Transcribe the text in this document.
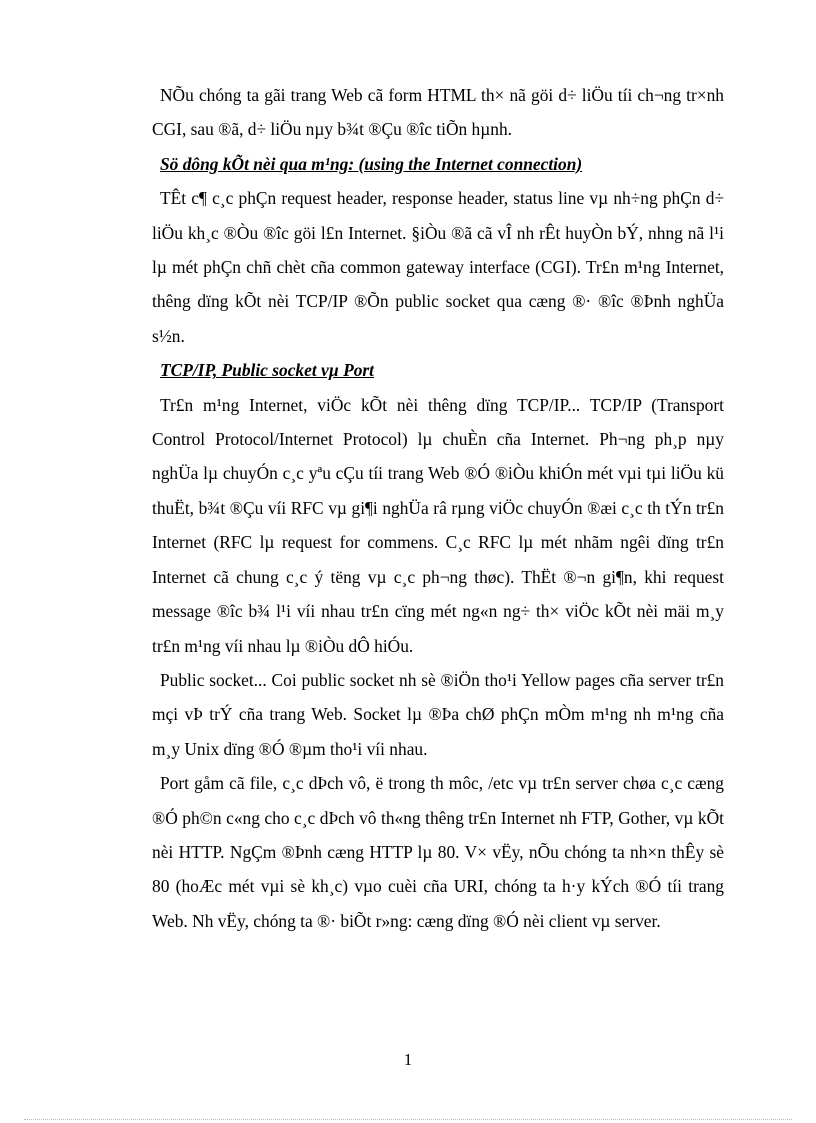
NÕu chóng ta gãi trang Web cã form HTML th× nã göi d÷ liÖu tíi ch¬ng tr×nh CGI, sau ®ã, d÷ liÖu nµy b¾t ®Çu ®îc tiÕn hµnh.

Sö dông kÕt nèi qua m¹ng: (using the Internet connection)

TÊt c¶ c¸c phÇn request header, response header, status line vµ nh÷ng phÇn d÷ liÖu kh¸c ®Òu ®îc göi l£n Internet. §iÒu ®ã cã vÎ nh rÊt huyÒn bÝ, nhng nã l¹i lµ mét phÇn chñ chèt cña common gateway interface (CGI). Tr£n m¹ng Internet, thêng dïng kÕt nèi TCP/IP ®Õn public socket qua cæng ®· ®îc ®Þnh nghÜa s½n.

TCP/IP, Public socket vµ Port

Tr£n m¹ng Internet, viÖc kÕt nèi thêng dïng TCP/IP... TCP/IP (Transport Control Protocol/Internet Protocol) lµ chuÈn cña Internet. Ph¬ng ph¸p nµy nghÜa lµ chuyÓn c¸c yªu cÇu tíi trang Web ®Ó ®iÒu khiÓn mét vµi tµi liÖu kü thuËt, b¾t ®Çu víi RFC vµ gi¶i nghÜa râ rµng viÖc chuyÓn ®æi c¸c th tÝn tr£n Internet (RFC lµ request for commens. C¸c RFC lµ mét nhãm ngêi dïng tr£n Internet cã chung c¸c ý tëng vµ c¸c ph¬ng thøc). ThËt ®¬n gi¶n, khi request message ®îc b¾ l¹i víi nhau tr£n cïng mét ng«n ng÷ th× viÖc kÕt nèi mäi m¸y tr£n m¹ng víi nhau lµ ®iÒu dÔ hiÓu.

Public socket... Coi public socket nh sè ®iÖn tho¹i Yellow pages cña server tr£n mçi vÞ trÝ cña trang Web. Socket lµ ®Þa chØ phÇn mÒm m¹ng nh m¹ng cña m¸y Unix dïng ®Ó ®µm tho¹i víi nhau.

Port gåm cã file, c¸c dÞch vô, ë trong th môc, /etc vµ tr£n server chøa c¸c cæng ®Ó ph©n c«ng cho c¸c dÞch vô th«ng thêng tr£n Internet nh FTP, Gother, vµ kÕt nèi HTTP. NgÇm ®Þnh cæng HTTP lµ 80. V× vËy, nÕu chóng ta nh×n thÊy sè 80 (hoÆc mét vµi sè kh¸c) vµo cuèi cña URI, chóng ta h·y kÝch ®Ó tíi trang Web. Nh vËy, chóng ta ®· biÕt r»ng: cæng dïng ®Ó nèi client vµ server.

1
